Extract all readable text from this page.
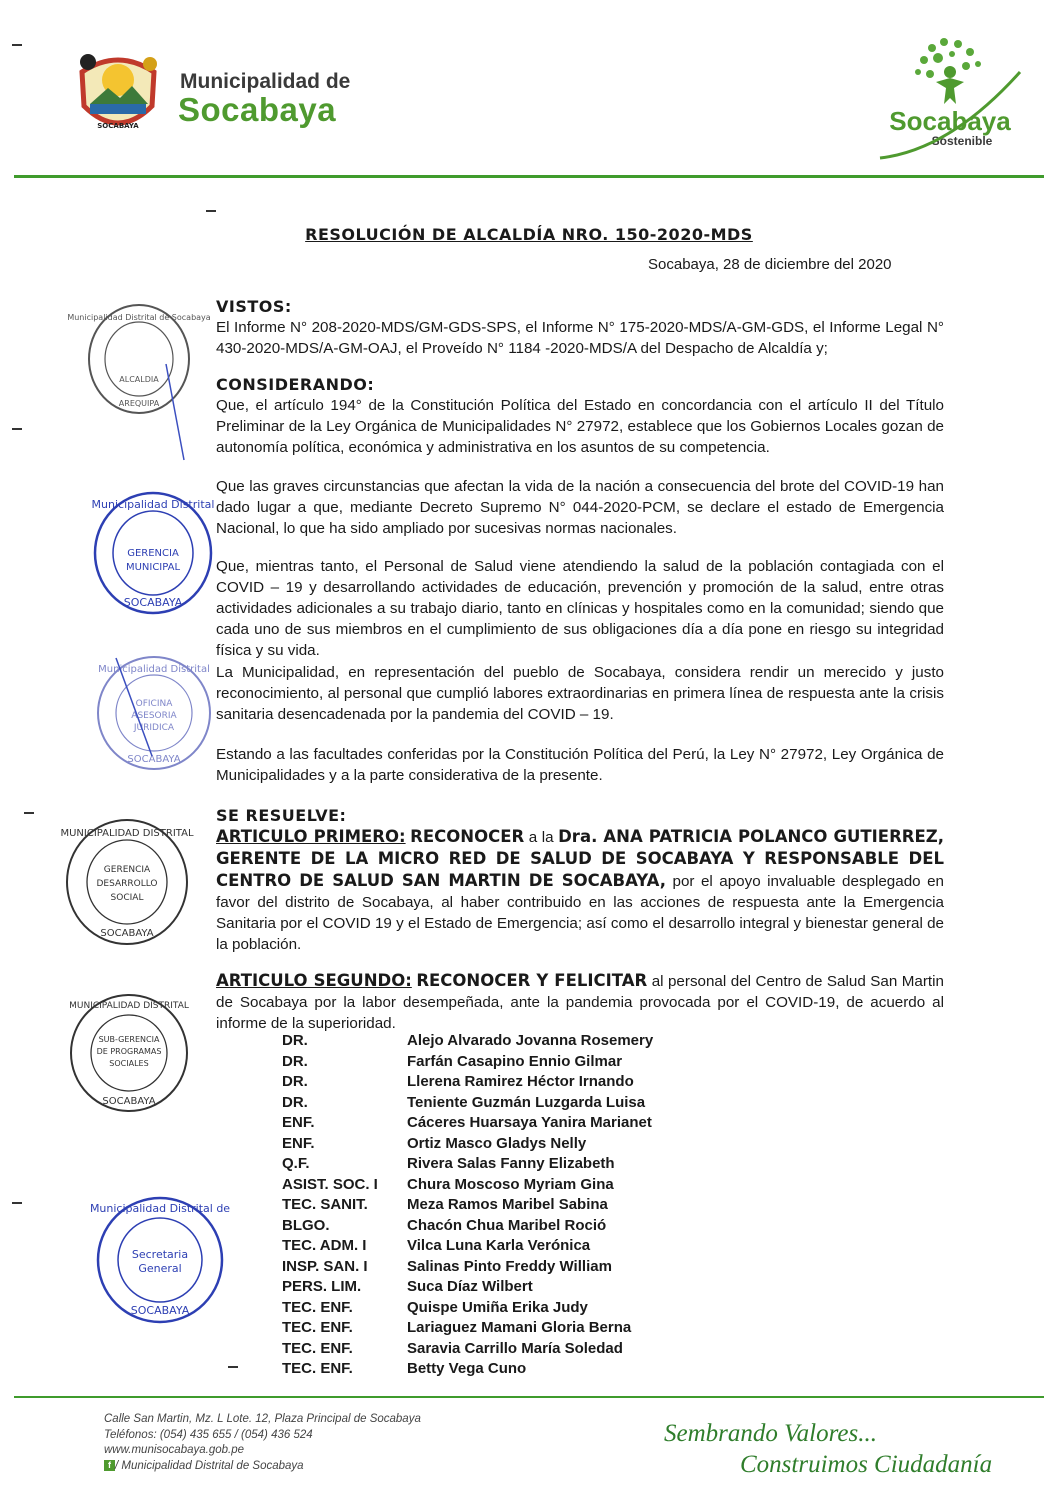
SOCABAYA
Municipalidad de
Socabaya	Socabaya
Sostenible
RESOLUCIÓN DE ALCALDÍA NRO. 150-2020-MDS
Socabaya, 28 de diciembre del 2020
VISTOS:
El Informe N° 208-2020-MDS/GM-GDS-SPS, el Informe N° 175-2020-MDS/A-GM-GDS, el Informe Legal N° 430-2020-MDS/A-GM-OAJ, el Proveído N° 1184 -2020-MDS/A del Despacho de Alcaldía y;
CONSIDERANDO:
Que, el artículo 194° de la Constitución Política del Estado en concordancia con el artículo II del Título Preliminar de la Ley Orgánica de Municipalidades N° 27972, establece que los Gobiernos Locales gozan de autonomía política, económica y administrativa en los asuntos de su competencia.
Que las graves circunstancias que afectan la vida de la nación a consecuencia del brote del COVID-19 han dado lugar a que, mediante Decreto Supremo N° 044-2020-PCM, se declare el estado de Emergencia Nacional, lo que ha sido ampliado por sucesivas normas nacionales.
Que, mientras tanto, el Personal de Salud viene atendiendo la salud de la población contagiada con el COVID – 19 y desarrollando actividades de educación, prevención y promoción de la salud, entre otras actividades adicionales a su trabajo diario, tanto en clínicas y hospitales como en la comunidad; siendo que cada uno de sus miembros en el cumplimiento de sus obligaciones día a día pone en riesgo su integridad física y su vida.
La Municipalidad, en representación del pueblo de Socabaya, considera rendir un merecido y justo reconocimiento, al personal que cumplió labores extraordinarias en primera línea de respuesta ante la crisis sanitaria desencadenada por la pandemia del COVID – 19.
Estando a las facultades conferidas por la Constitución Política del Perú, la Ley N° 27972, Ley Orgánica de Municipalidades y a la parte considerativa de la presente.
SE RESUELVE:
ARTICULO PRIMERO: RECONOCER a la Dra. ANA PATRICIA POLANCO GUTIERREZ, GERENTE DE LA MICRO RED DE SALUD DE SOCABAYA Y RESPONSABLE DEL CENTRO DE SALUD SAN MARTIN DE SOCABAYA, por el apoyo invaluable desplegado en favor del distrito de Socabaya, al haber contribuido en las acciones de respuesta ante la Emergencia Sanitaria por el COVID 19 y el Estado de Emergencia; así como el desarrollo integral y bienestar general de la población.
ARTICULO SEGUNDO: RECONOCER Y FELICITAR al personal del Centro de Salud San Martin de Socabaya por la labor desempeñada, ante la pandemia provocada por el COVID-19, de acuerdo al informe de la superioridad.
DR.	Alejo Alvarado Jovanna Rosemery
DR.	Farfán Casapino Ennio Gilmar
DR.	Llerena Ramirez Héctor Irnando
DR.	Teniente Guzmán Luzgarda Luisa
ENF.	Cáceres Huarsaya Yanira Marianet
ENF.	Ortiz Masco Gladys Nelly
Q.F.	Rivera Salas Fanny Elizabeth
ASIST. SOC. I	Chura Moscoso Myriam Gina
TEC. SANIT.	Meza Ramos Maribel Sabina
BLGO.	Chacón Chua Maribel Roció
TEC. ADM. I	Vilca Luna Karla Verónica
INSP. SAN. I	Salinas Pinto Freddy William
PERS. LIM.	Suca Díaz Wilbert
TEC. ENF.	Quispe Umiña Erika Judy
TEC. ENF.	Lariaguez Mamani Gloria Berna
TEC. ENF.	Saravia Carrillo María Soledad
TEC. ENF.	Betty Vega Cuno
Municipalidad Distrital de Socabaya
ALCALDIA
AREQUIPA
Municipalidad Distrital
GERENCIA
MUNICIPAL
SOCABAYA
Municipalidad Distrital
OFICINA
ASESORIA
JURIDICA
SOCABAYA
MUNICIPALIDAD DISTRITAL
GERENCIA
DESARROLLO
SOCIAL
SOCABAYA
MUNICIPALIDAD DISTRITAL
SUB-GERENCIA
DE PROGRAMAS
SOCIALES
SOCABAYA
Municipalidad Distrital de
Secretaria
General
SOCABAYA
Calle San Martin, Mz. L Lote. 12, Plaza Principal de Socabaya
Teléfonos: (054) 435 655 / (054) 436 524
www.munisocabaya.gob.pe
f / Municipalidad Distrital de Socabaya
Sembrando Valores...
Construimos Ciudadanía
